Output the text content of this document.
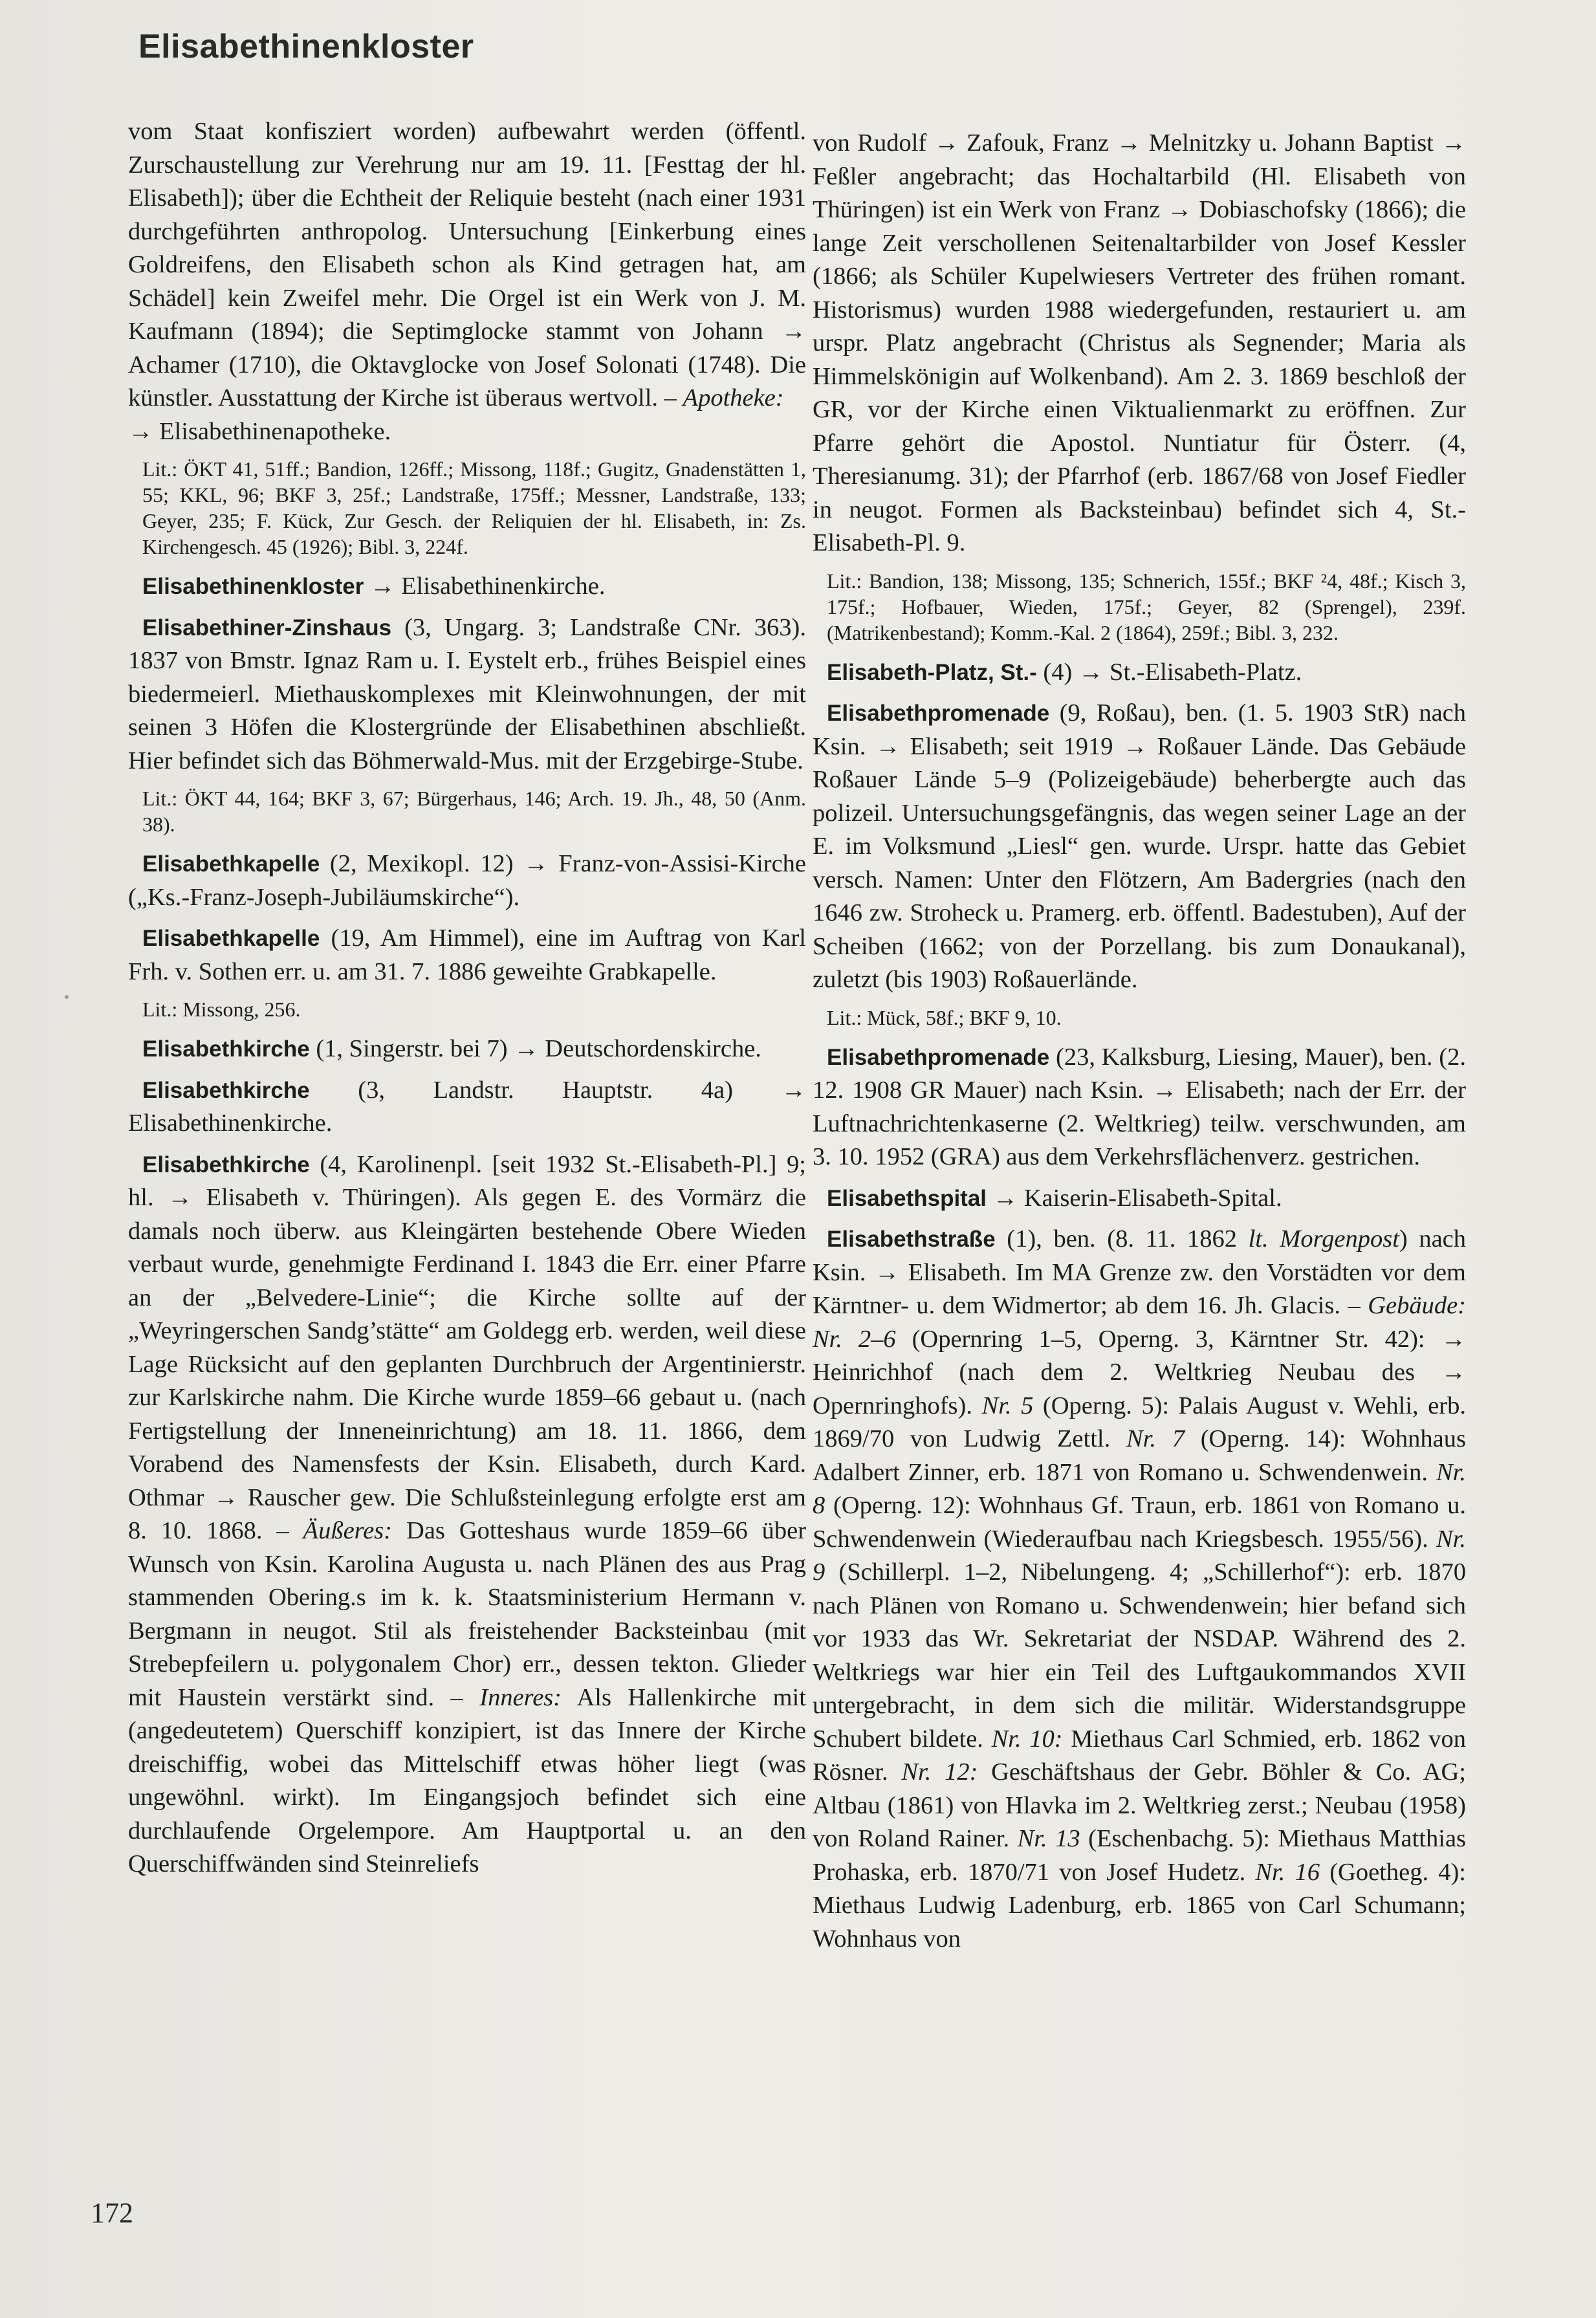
Elisabethinenkloster

vom Staat konfisziert worden) aufbewahrt werden (öffentl. Zurschaustellung zur Verehrung nur am 19. 11. [Festtag der hl. Elisabeth]); über die Echtheit der Reliquie besteht (nach einer 1931 durchgeführten anthropolog. Untersuchung [Einkerbung eines Goldreifens, den Elisabeth schon als Kind getragen hat, am Schädel] kein Zweifel mehr. Die Orgel ist ein Werk von J. M. Kaufmann (1894); die Septimglocke stammt von Johann → Achamer (1710), die Oktavglocke von Josef Solonati (1748). Die künstler. Ausstattung der Kirche ist überaus wertvoll. – Apotheke:
→ Elisabethinenapotheke.

Lit.: ÖKT 41, 51ff.; Bandion, 126ff.; Missong, 118f.; Gugitz, Gnadenstätten 1, 55; KKL, 96; BKF 3, 25f.; Landstraße, 175ff.; Messner, Landstraße, 133; Geyer, 235; F. Kück, Zur Gesch. der Reliquien der hl. Elisabeth, in: Zs. Kirchengesch. 45 (1926); Bibl. 3, 224f.

Elisabethinenkloster → Elisabethinenkirche.

Elisabethiner-Zinshaus (3, Ungarg. 3; Landstraße CNr. 363). 1837 von Bmstr. Ignaz Ram u. I. Eystelt erb., frühes Beispiel eines biedermeierl. Miethauskomplexes mit Kleinwohnungen, der mit seinen 3 Höfen die Klostergründe der Elisabethinen abschließt. Hier befindet sich das Böhmerwald-Mus. mit der Erzgebirge-Stube.

Lit.: ÖKT 44, 164; BKF 3, 67; Bürgerhaus, 146; Arch. 19. Jh., 48, 50 (Anm. 38).

Elisabethkapelle (2, Mexikopl. 12) → Franz-von-Assisi-Kirche („Ks.-Franz-Joseph-Jubiläumskirche“).

Elisabethkapelle (19, Am Himmel), eine im Auftrag von Karl Frh. v. Sothen err. u. am 31. 7. 1886 geweihte Grabkapelle.

Lit.: Missong, 256.

Elisabethkirche (1, Singerstr. bei 7) → Deutschordenskirche.

Elisabethkirche (3, Landstr. Hauptstr. 4a) → Elisabethinenkirche.

Elisabethkirche (4, Karolinenpl. [seit 1932 St.-Elisabeth-Pl.] 9; hl. → Elisabeth v. Thüringen). Als gegen E. des Vormärz die damals noch überw. aus Kleingärten bestehende Obere Wieden verbaut wurde, genehmigte Ferdinand I. 1843 die Err. einer Pfarre an der „Belvedere-Linie“; die Kirche sollte auf der „Weyringerschen Sandg’stätte“ am Goldegg erb. werden, weil diese Lage Rücksicht auf den geplanten Durchbruch der Argentinierstr. zur Karlskirche nahm. Die Kirche wurde 1859–66 gebaut u. (nach Fertigstellung der Inneneinrichtung) am 18. 11. 1866, dem Vorabend des Namensfests der Ksin. Elisabeth, durch Kard. Othmar → Rauscher gew. Die Schlußsteinlegung erfolgte erst am 8. 10. 1868. – Äußeres: Das Gotteshaus wurde 1859–66 über Wunsch von Ksin. Karolina Augusta u. nach Plänen des aus Prag stammenden Obering.s im k. k. Staatsministerium Hermann v. Bergmann in neugot. Stil als freistehender Backsteinbau (mit Strebepfeilern u. polygonalem Chor) err., dessen tekton. Glieder mit Haustein verstärkt sind. – Inneres: Als Hallenkirche mit (angedeutetem) Querschiff konzipiert, ist das Innere der Kirche dreischiffig, wobei das Mittelschiff etwas höher liegt (was ungewöhnl. wirkt). Im Eingangsjoch befindet sich eine durchlaufende Orgelempore. Am Hauptportal u. an den Querschiffwänden sind Steinreliefs

von Rudolf → Zafouk, Franz → Melnitzky u. Johann Baptist → Feßler angebracht; das Hochaltarbild (Hl. Elisabeth von Thüringen) ist ein Werk von Franz → Dobiaschofsky (1866); die lange Zeit verschollenen Seitenaltarbilder von Josef Kessler (1866; als Schüler Kupelwiesers Vertreter des frühen romant. Historismus) wurden 1988 wiedergefunden, restauriert u. am urspr. Platz angebracht (Christus als Segnender; Maria als Himmelskönigin auf Wolkenband). Am 2. 3. 1869 beschloß der GR, vor der Kirche einen Viktualienmarkt zu eröffnen. Zur Pfarre gehört die Apostol. Nuntiatur für Österr. (4, Theresianumg. 31); der Pfarrhof (erb. 1867/68 von Josef Fiedler in neugot. Formen als Backsteinbau) befindet sich 4, St.-Elisabeth-Pl. 9.

Lit.: Bandion, 138; Missong, 135; Schnerich, 155f.; BKF ²4, 48f.; Kisch 3, 175f.; Hofbauer, Wieden, 175f.; Geyer, 82 (Sprengel), 239f. (Matrikenbestand); Komm.-Kal. 2 (1864), 259f.; Bibl. 3, 232.

Elisabeth-Platz, St.- (4) → St.-Elisabeth-Platz.

Elisabethpromenade (9, Roßau), ben. (1. 5. 1903 StR) nach Ksin. → Elisabeth; seit 1919 → Roßauer Lände. Das Gebäude Roßauer Lände 5–9 (Polizeigebäude) beherbergte auch das polizeil. Untersuchungsgefängnis, das wegen seiner Lage an der E. im Volksmund „Liesl“ gen. wurde. Urspr. hatte das Gebiet versch. Namen: Unter den Flötzern, Am Badergries (nach den 1646 zw. Stroheck u. Pramerg. erb. öffentl. Badestuben), Auf der Scheiben (1662; von der Porzellang. bis zum Donaukanal), zuletzt (bis 1903) Roßauerlände.

Lit.: Mück, 58f.; BKF 9, 10.

Elisabethpromenade (23, Kalksburg, Liesing, Mauer), ben. (2. 12. 1908 GR Mauer) nach Ksin. → Elisabeth; nach der Err. der Luftnachrichtenkaserne (2. Weltkrieg) teilw. verschwunden, am 3. 10. 1952 (GRA) aus dem Verkehrsflächenverz. gestrichen.

Elisabethspital → Kaiserin-Elisabeth-Spital.

Elisabethstraße (1), ben. (8. 11. 1862 lt. Morgenpost) nach Ksin. → Elisabeth. Im MA Grenze zw. den Vorstädten vor dem Kärntner- u. dem Widmertor; ab dem 16. Jh. Glacis. – Gebäude: Nr. 2–6 (Opernring 1–5, Operng. 3, Kärntner Str. 42): → Heinrichhof (nach dem 2. Weltkrieg Neubau des → Opernringhofs). Nr. 5 (Operng. 5): Palais August v. Wehli, erb. 1869/70 von Ludwig Zettl. Nr. 7 (Operng. 14): Wohnhaus Adalbert Zinner, erb. 1871 von Romano u. Schwendenwein. Nr. 8 (Operng. 12): Wohnhaus Gf. Traun, erb. 1861 von Romano u. Schwendenwein (Wiederaufbau nach Kriegsbesch. 1955/56). Nr. 9 (Schillerpl. 1–2, Nibelungeng. 4; „Schillerhof“): erb. 1870 nach Plänen von Romano u. Schwendenwein; hier befand sich vor 1933 das Wr. Sekretariat der NSDAP. Während des 2. Weltkriegs war hier ein Teil des Luftgaukommandos XVII untergebracht, in dem sich die militär. Widerstandsgruppe Schubert bildete. Nr. 10: Miethaus Carl Schmied, erb. 1862 von Rösner. Nr. 12: Geschäftshaus der Gebr. Böhler & Co. AG; Altbau (1861) von Hlavka im 2. Weltkrieg zerst.; Neubau (1958) von Roland Rainer. Nr. 13 (Eschenbachg. 5): Miethaus Matthias Prohaska, erb. 1870/71 von Josef Hudetz. Nr. 16 (Goetheg. 4): Miethaus Ludwig Ladenburg, erb. 1865 von Carl Schumann; Wohnhaus von

172
